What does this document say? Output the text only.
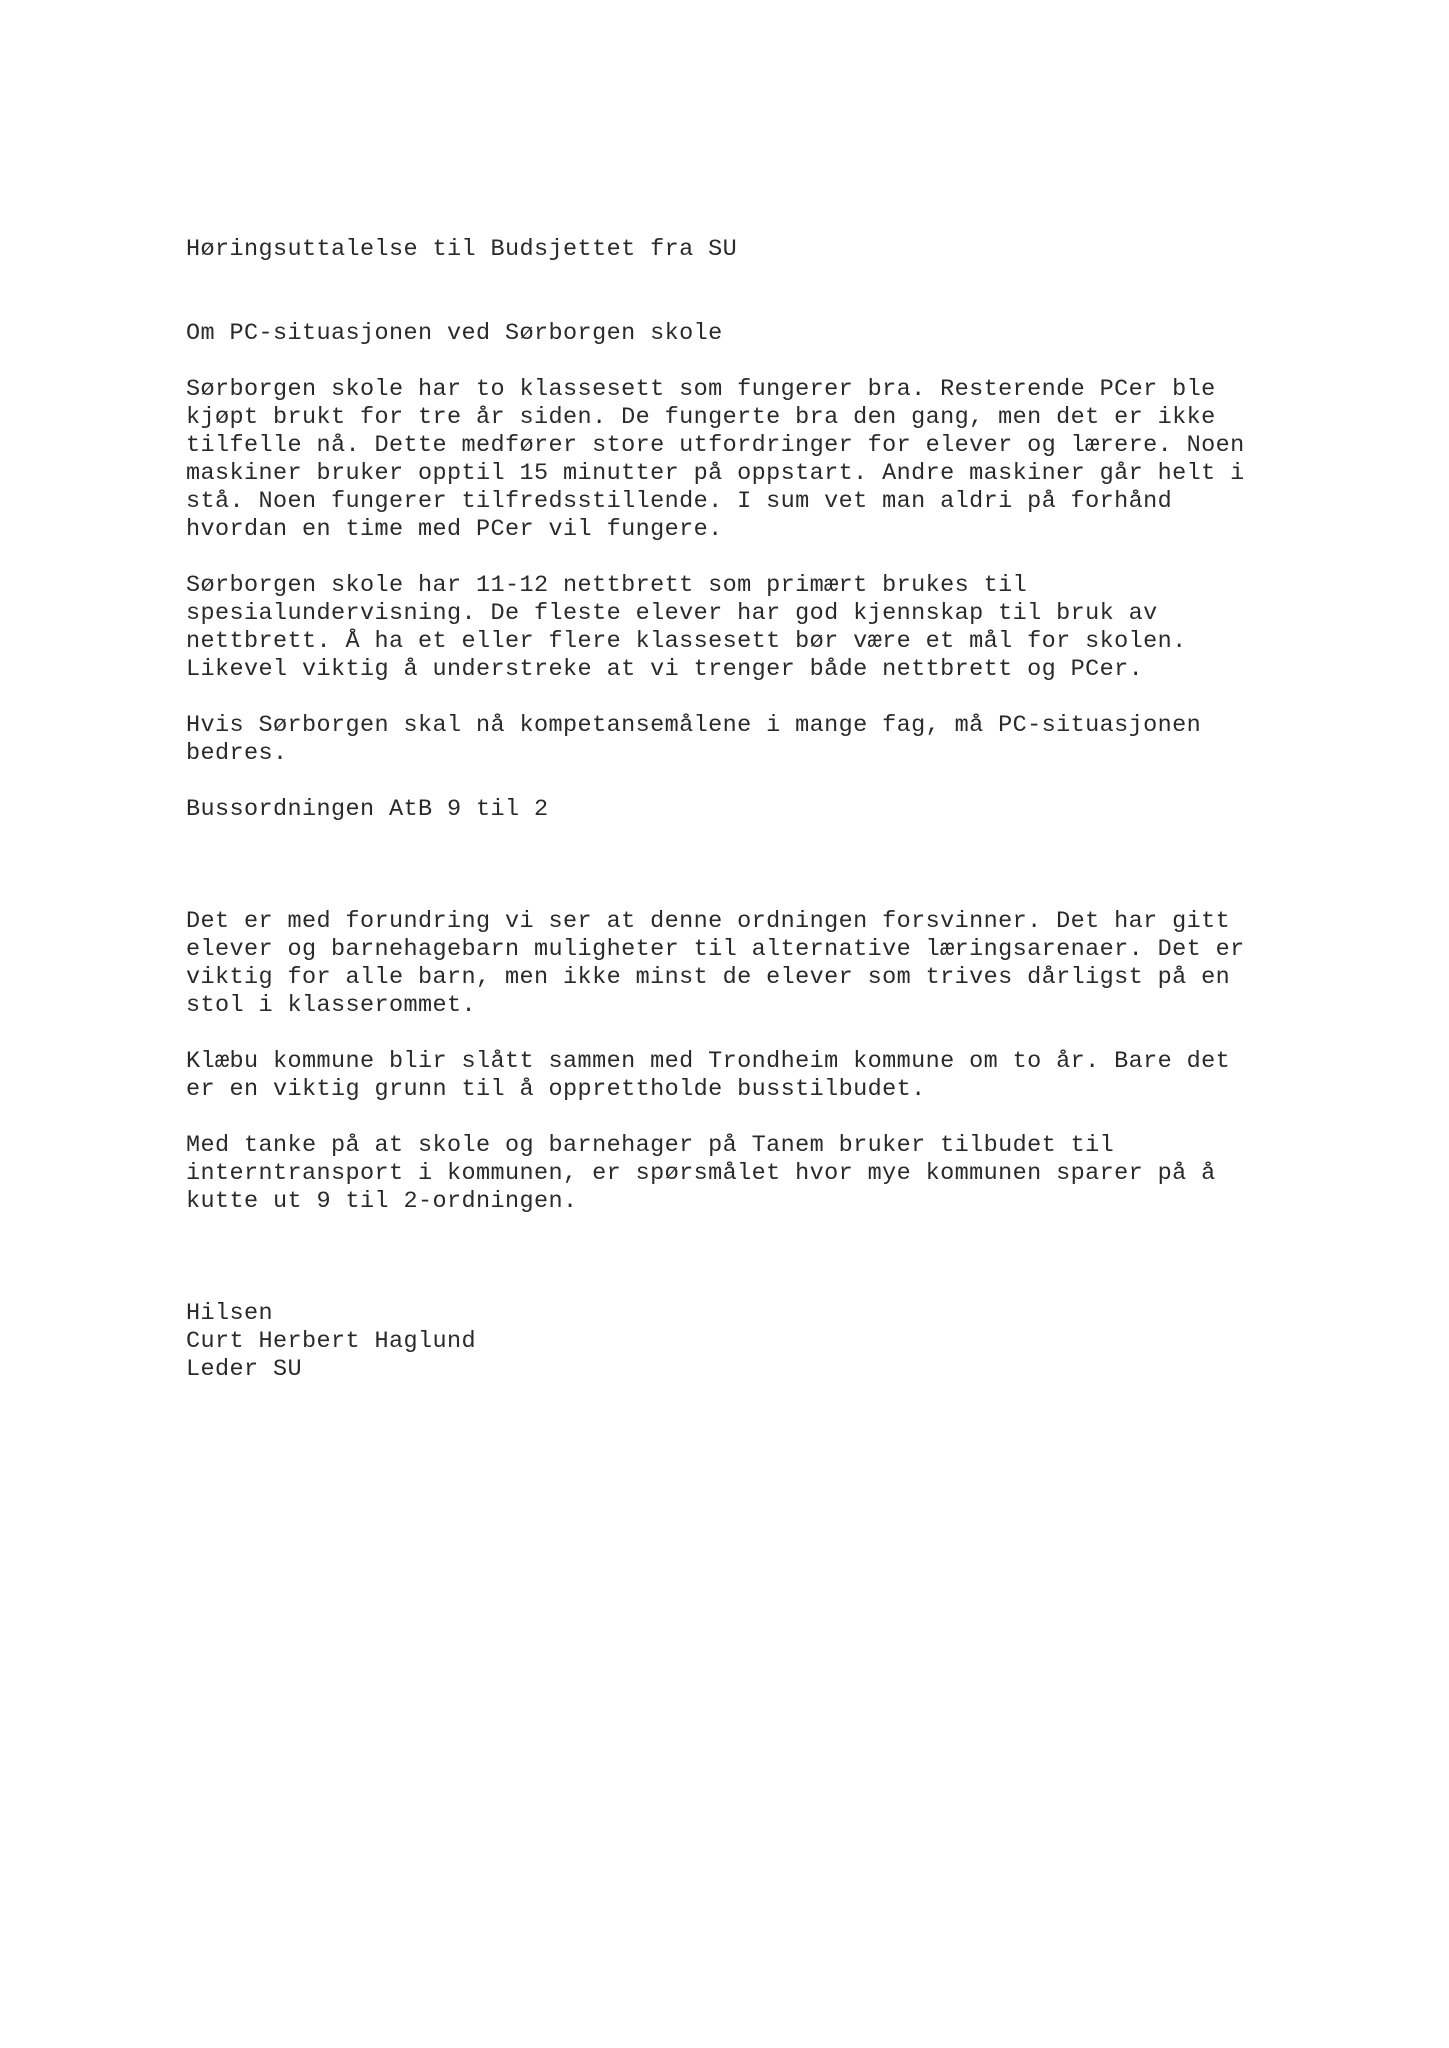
Høringsuttalelse til Budsjettet fra SU
Om PC-situasjonen ved Sørborgen skole
Sørborgen skole har to klassesett som fungerer bra. Resterende PCer ble
kjøpt brukt for tre år siden. De fungerte bra den gang, men det er ikke
tilfelle nå. Dette medfører store utfordringer for elever og lærere. Noen
maskiner bruker opptil 15 minutter på oppstart. Andre maskiner går helt i
stå. Noen fungerer tilfredsstillende. I sum vet man aldri på forhånd
hvordan en time med PCer vil fungere.
Sørborgen skole har 11-12 nettbrett som primært brukes til
spesialundervisning. De fleste elever har god kjennskap til bruk av
nettbrett. Å ha et eller flere klassesett bør være et mål for skolen.
Likevel viktig å understreke at vi trenger både nettbrett og PCer.
Hvis Sørborgen skal nå kompetansemålene i mange fag, må PC-situasjonen
bedres.
Bussordningen AtB 9 til 2
Det er med forundring vi ser at denne ordningen forsvinner. Det har gitt
elever og barnehagebarn muligheter til alternative læringsarenaer. Det er
viktig for alle barn, men ikke minst de elever som trives dårligst på en
stol i klasserommet.
Klæbu kommune blir slått sammen med Trondheim kommune om to år. Bare det
er en viktig grunn til å opprettholde busstilbudet.
Med tanke på at skole og barnehager på Tanem bruker tilbudet til
interntransport i kommunen, er spørsmålet hvor mye kommunen sparer på å
kutte ut 9 til 2-ordningen.
Hilsen
Curt Herbert Haglund
Leder SU
